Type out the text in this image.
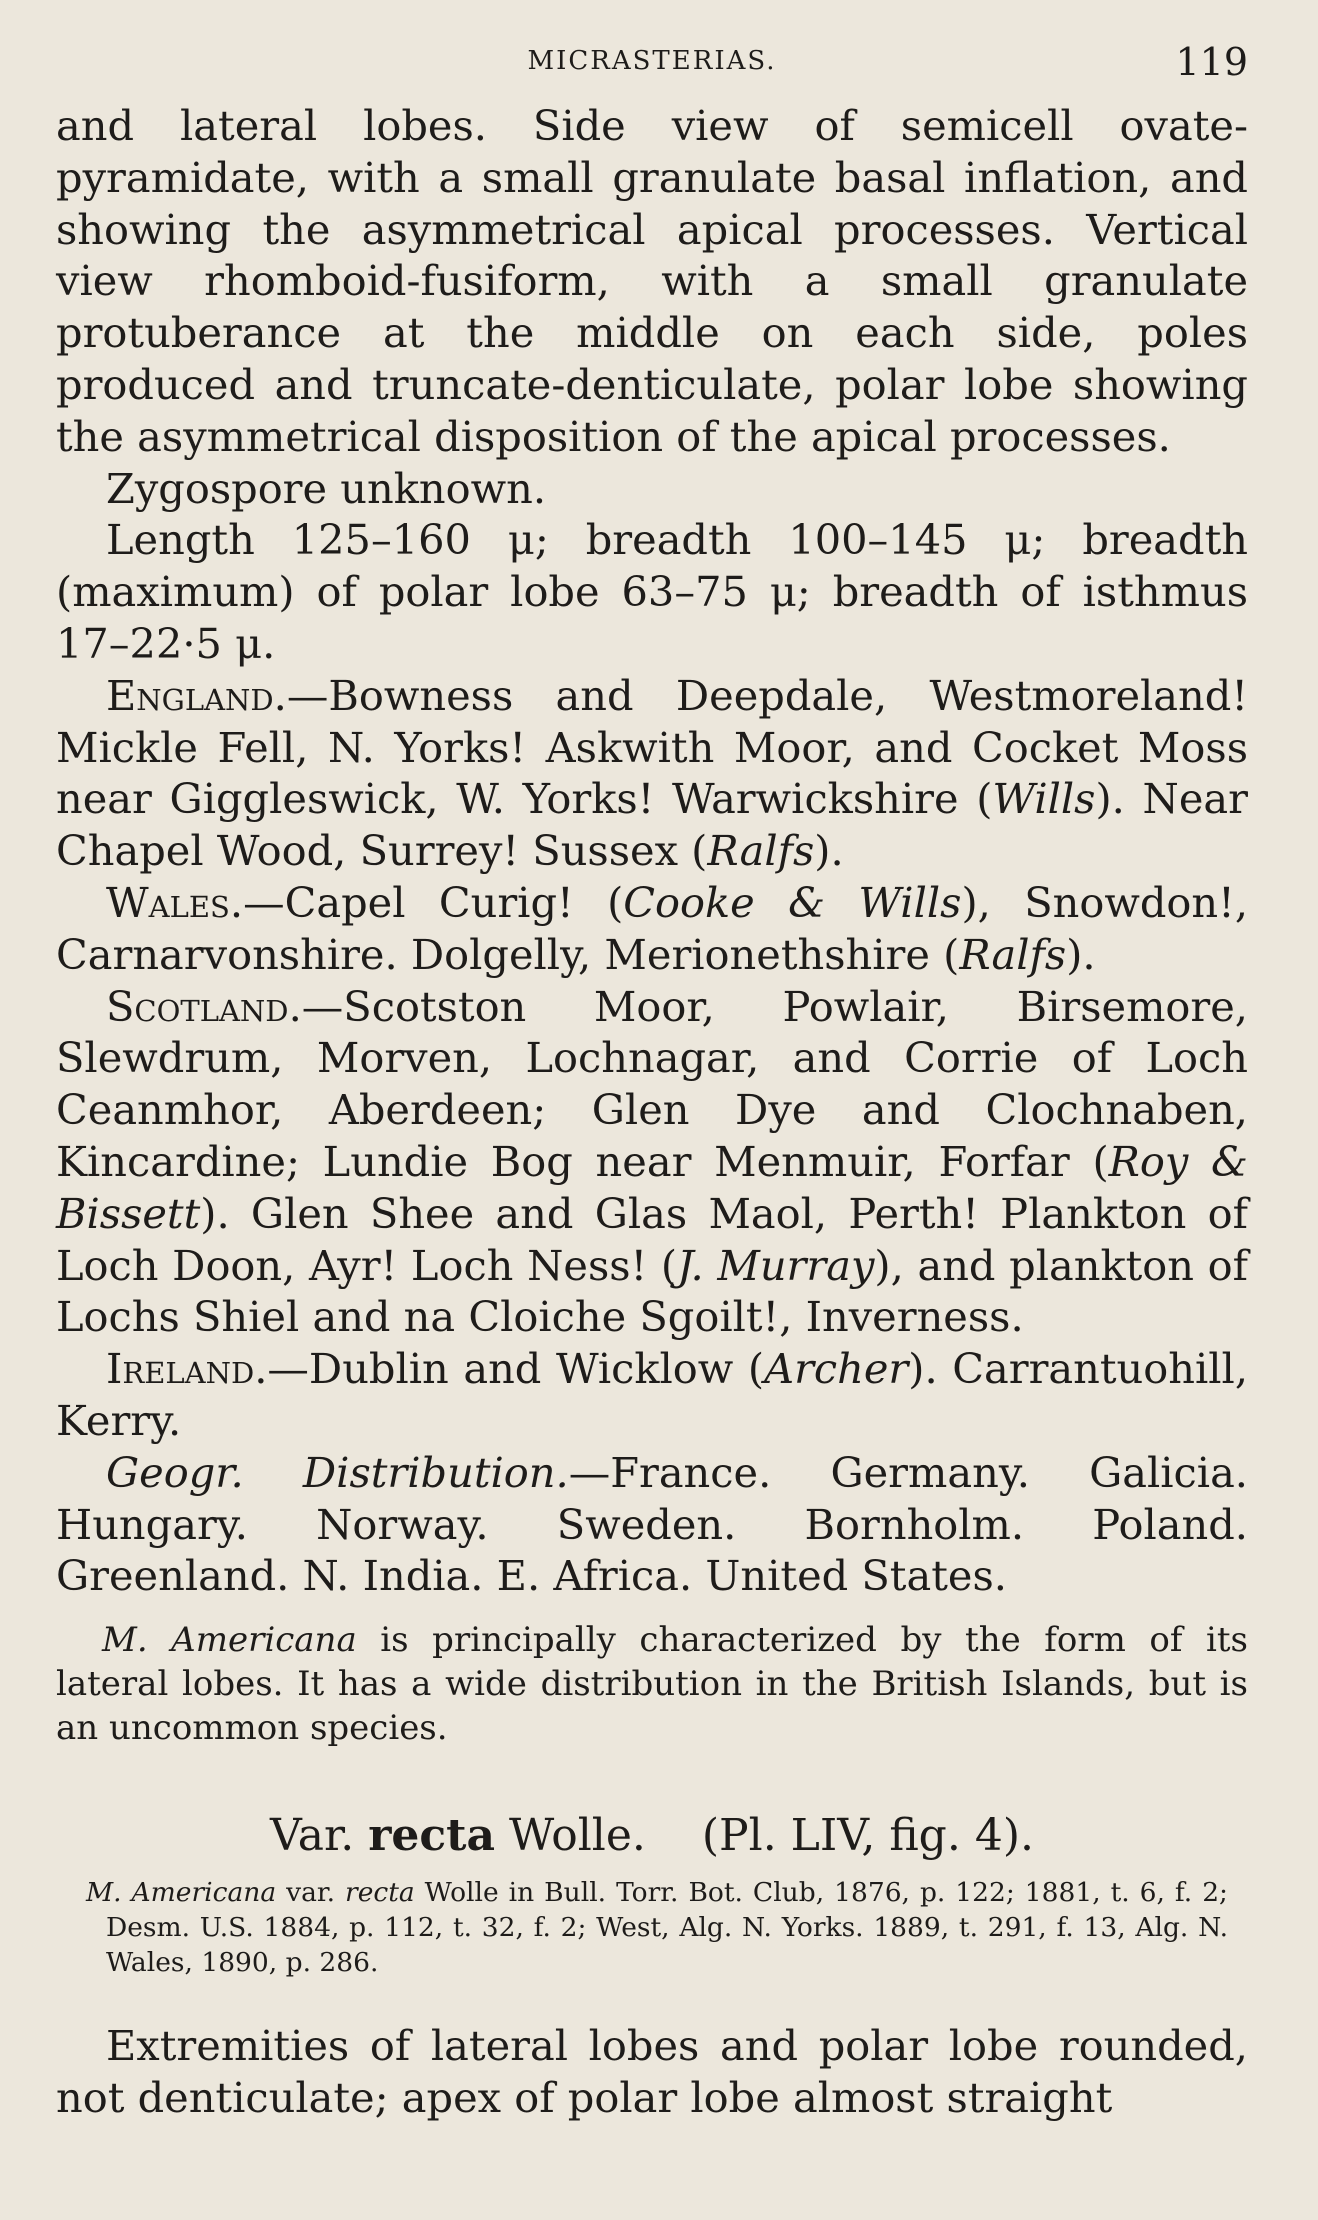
MICRASTERIAS.	119

and lateral lobes. Side view of semicell ovate-pyramidate, with a small granulate basal inflation, and showing the asymmetrical apical processes. Vertical view rhomboid-fusiform, with a small granulate protuberance at the middle on each side, poles produced and truncate-denticulate, polar lobe showing the asymmetrical disposition of the apical processes.

Zygospore unknown.

Length 125–160 μ; breadth 100–145 μ; breadth (maximum) of polar lobe 63–75 μ; breadth of isthmus 17–22·5 μ.

England.—Bowness and Deepdale, Westmoreland! Mickle Fell, N. Yorks! Askwith Moor, and Cocket Moss near Giggleswick, W. Yorks! Warwickshire (Wills). Near Chapel Wood, Surrey! Sussex (Ralfs).

Wales.—Capel Curig! (Cooke & Wills), Snowdon!, Carnarvonshire. Dolgelly, Merionethshire (Ralfs).

Scotland.—Scotston Moor, Powlair, Birsemore, Slewdrum, Morven, Lochnagar, and Corrie of Loch Ceanmhor, Aberdeen; Glen Dye and Clochnaben, Kincardine; Lundie Bog near Menmuir, Forfar (Roy & Bissett). Glen Shee and Glas Maol, Perth! Plankton of Loch Doon, Ayr! Loch Ness! (J. Murray), and plankton of Lochs Shiel and na Cloiche Sgoilt!, Inverness.

Ireland.—Dublin and Wicklow (Archer). Carrantuohill, Kerry.

Geogr. Distribution.—France. Germany. Galicia. Hungary. Norway. Sweden. Bornholm. Poland. Greenland. N. India. E. Africa. United States.

M. Americana is principally characterized by the form of its lateral lobes. It has a wide distribution in the British Islands, but is an uncommon species.

Var. recta Wolle. (Pl. LIV, fig. 4).

M. Americana var. recta Wolle in Bull. Torr. Bot. Club, 1876, p. 122; 1881, t. 6, f. 2; Desm. U.S. 1884, p. 112, t. 32, f. 2; West, Alg. N. Yorks. 1889, t. 291, f. 13, Alg. N. Wales, 1890, p. 286.

Extremities of lateral lobes and polar lobe rounded, not denticulate; apex of polar lobe almost straight
